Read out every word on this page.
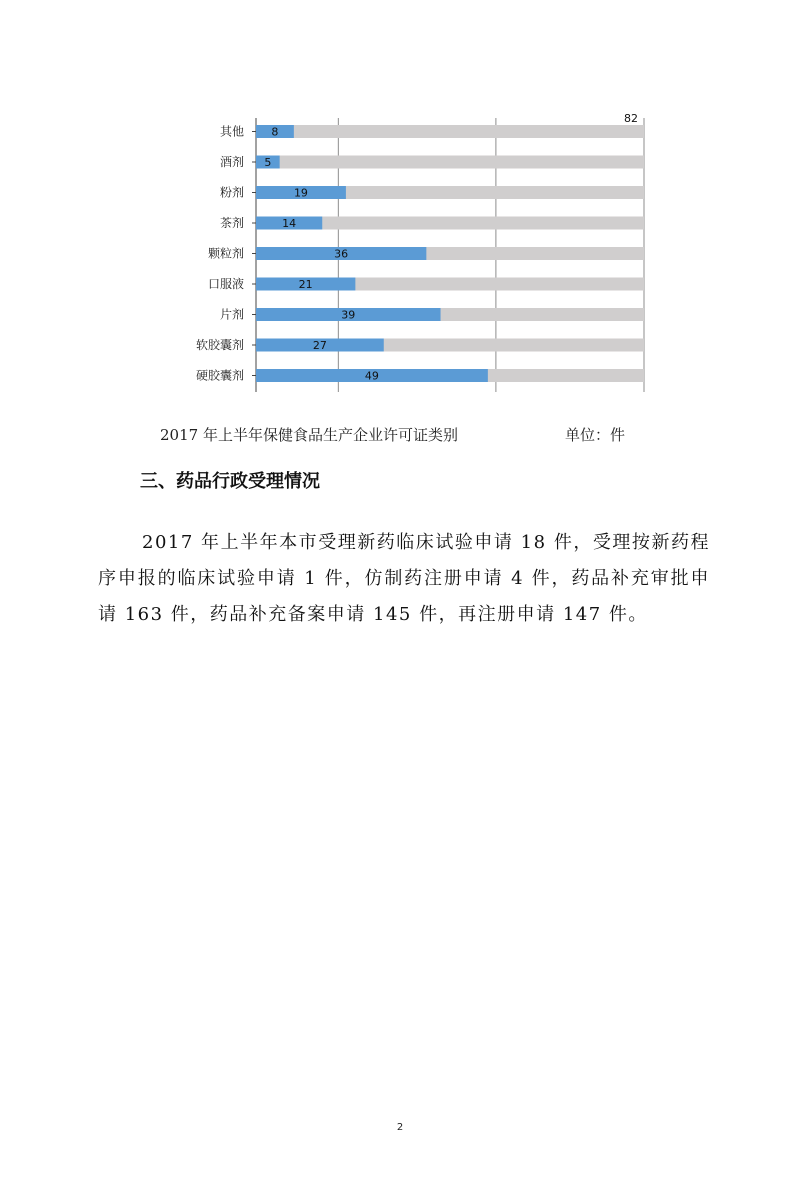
其他 8
酒剂 5
粉剂	19
茶剂	14
颗粒剂	36
口服液	21
片剂	39
软胶囊剂	27
硬胶囊剂	49
82
2017 年上半年保健食品生产企业许可证类别	单位：件
三、药品行政受理情况

2017 年上半年本市受理新药临床试验申请 18 件，受理按新药程序申报的临床试验申请 1 件，仿制药注册申请 4 件，药品补充审批申请 163 件，药品补充备案申请 145 件，再注册申请 147 件。

2
